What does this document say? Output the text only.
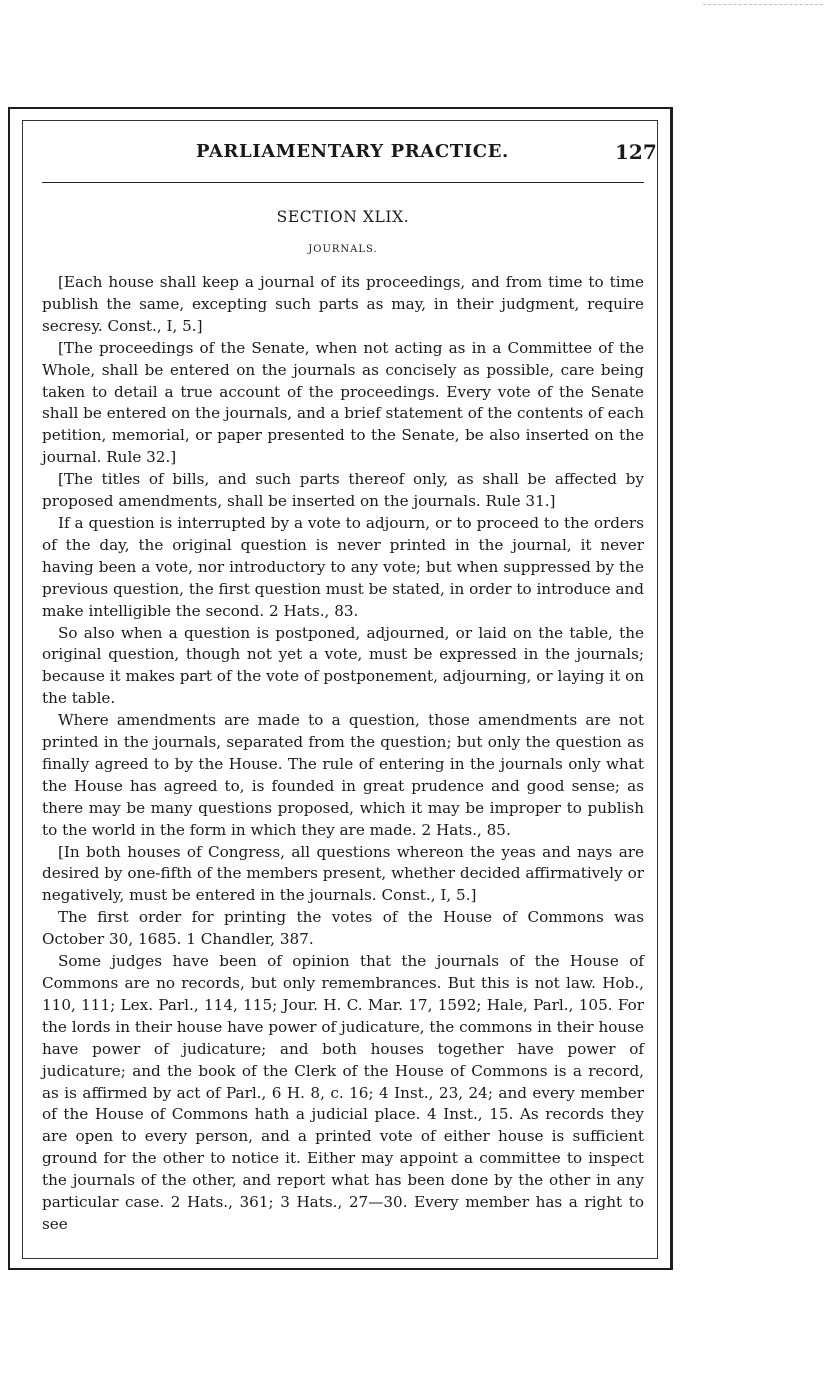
PARLIAMENTARY PRACTICE.	127
SECTION XLIX.
JOURNALS.

[Each house shall keep a journal of its proceedings, and from time to time publish the same, excepting such parts as may, in their judgment, require secresy. Const., I, 5.]

[The proceedings of the Senate, when not acting as in a Committee of the Whole, shall be entered on the journals as concisely as possible, care being taken to detail a true account of the proceedings. Every vote of the Senate shall be entered on the journals, and a brief statement of the contents of each petition, memorial, or paper presented to the Senate, be also inserted on the journal. Rule 32.]

[The titles of bills, and such parts thereof only, as shall be affected by proposed amendments, shall be inserted on the journals. Rule 31.]

If a question is interrupted by a vote to adjourn, or to proceed to the orders of the day, the original question is never printed in the journal, it never having been a vote, nor introductory to any vote; but when suppressed by the previous question, the first question must be stated, in order to introduce and make intelligible the second. 2 Hats., 83.

So also when a question is postponed, adjourned, or laid on the table, the original question, though not yet a vote, must be expressed in the journals; because it makes part of the vote of postponement, adjourning, or laying it on the table.

Where amendments are made to a question, those amendments are not printed in the journals, separated from the question; but only the question as finally agreed to by the House. The rule of entering in the journals only what the House has agreed to, is founded in great prudence and good sense; as there may be many questions proposed, which it may be improper to publish to the world in the form in which they are made. 2 Hats., 85.

[In both houses of Congress, all questions whereon the yeas and nays are desired by one-fifth of the members present, whether decided affirmatively or negatively, must be entered in the journals. Const., I, 5.]

The first order for printing the votes of the House of Commons was October 30, 1685. 1 Chandler, 387.

Some judges have been of opinion that the journals of the House of Commons are no records, but only remembrances. But this is not law. Hob., 110, 111; Lex. Parl., 114, 115; Jour. H. C. Mar. 17, 1592; Hale, Parl., 105. For the lords in their house have power of judicature, the commons in their house have power of judicature; and both houses together have power of judicature; and the book of the Clerk of the House of Commons is a record, as is affirmed by act of Parl., 6 H. 8, c. 16; 4 Inst., 23, 24; and every member of the House of Commons hath a judicial place. 4 Inst., 15. As records they are open to every person, and a printed vote of either house is sufficient ground for the other to notice it. Either may appoint a committee to inspect the journals of the other, and report what has been done by the other in any particular case. 2 Hats., 361; 3 Hats., 27—30. Every member has a right to see
